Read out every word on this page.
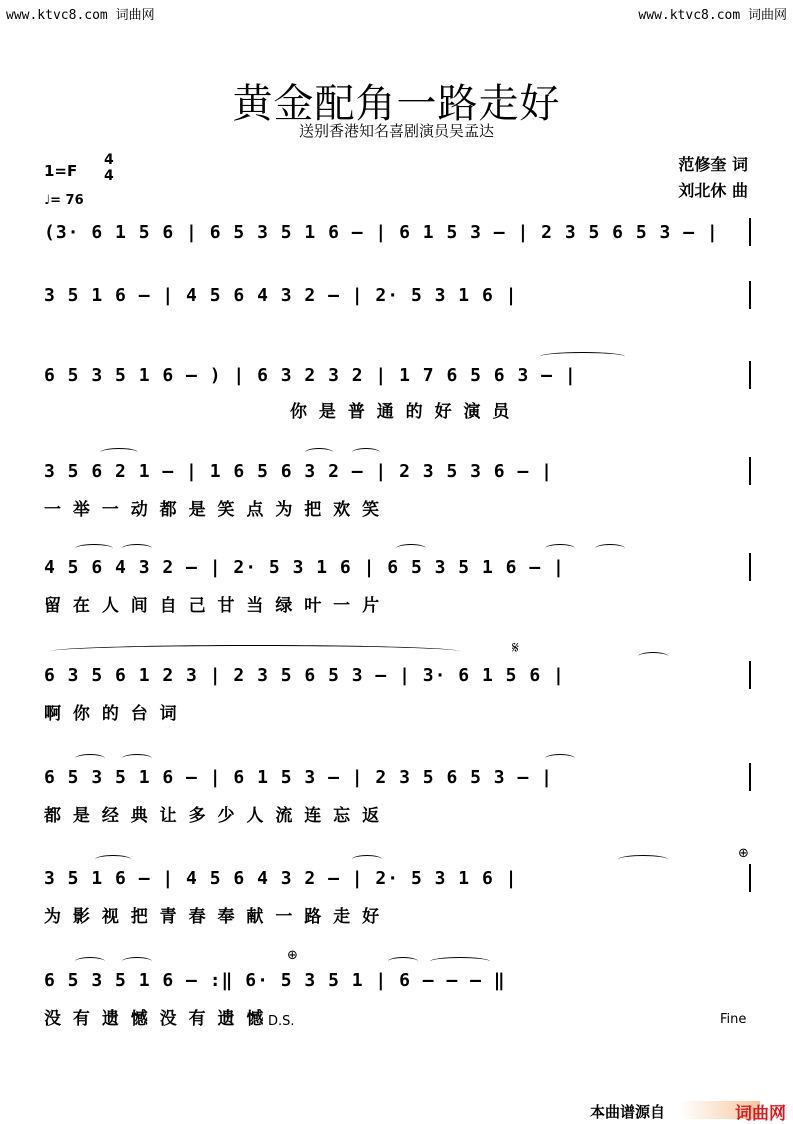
www.ktvc8.com 词曲网	www.ktvc8.com 词曲网
黄金配角一路走好
送别香港知名喜剧演员吴孟达
1=F
4
4
♩= 76
范修奎 词
刘北休 曲
(3· 6 1 5 6 | 6 5 3 5 1 6 — | 6 1 5 3 — | 2 3 5 6 5 3 — |
3 5 1 6 — | 4 5 6 4 3 2 — | 2· 5 3 1 6 |
6 5 3 5 1 6 — ) | 6 3 2 3 2 | 1 7 6 5 6 3 — |
你 是 普 通 的 好 演 员
3 5 6 2 1 — | 1 6 5 6 3 2 — | 2 3 5 3 6 — |
一 举 一 动 都 是 笑 点 为 把 欢 笑
4 5 6 4 3 2 — | 2· 5 3 1 6 | 6 5 3 5 1 6 — |
留 在 人 间 自 己 甘 当 绿 叶 一 片
𝄋
6 3 5 6 1 2 3 | 2 3 5 6 5 3 — | 3· 6 1 5 6 |
啊 你 的 台 词
6 5 3 5 1 6 — | 6 1 5 3 — | 2 3 5 6 5 3 — |
都 是 经 典 让 多 少 人 流 连 忘 返
⊕
3 5 1 6 — | 4 5 6 4 3 2 — | 2· 5 3 1 6 |
为 影 视 把 青 春 奉 献 一 路 走 好
⊕
6 5 3 5 1 6 — :‖ 6· 5 3 5 1 | 6 — — — ‖
没 有 遗 憾 没 有 遗 憾 D.S.	Fine
本曲谱源自	词曲网
